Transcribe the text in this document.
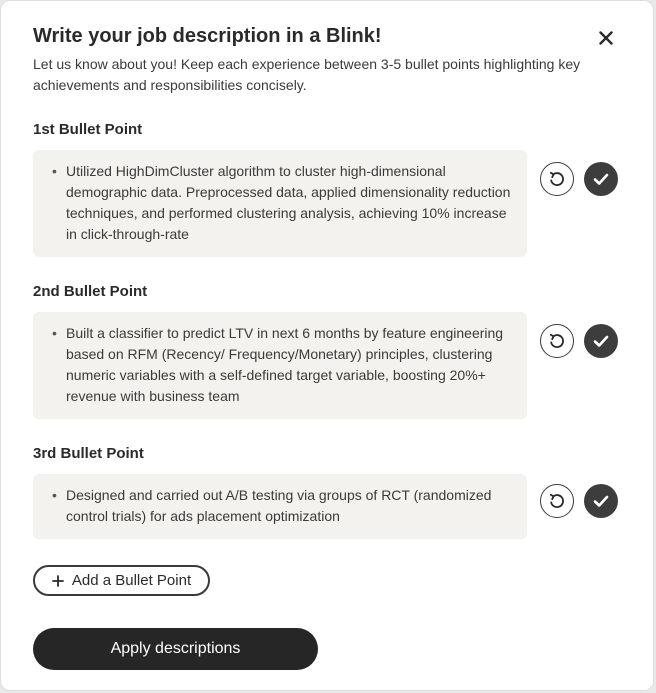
Write your job description in a Blink!

Let us know about you! Keep each experience between 3-5 bullet points highlighting key achievements and responsibilities concisely.

1st Bullet Point
• Utilized HighDimCluster algorithm to cluster high-dimensional demographic data. Preprocessed data, applied dimensionality reduction techniques, and performed clustering analysis, achieving 10% increase in click-through-rate
2nd Bullet Point
• Built a classifier to predict LTV in next 6 months by feature engineering based on RFM (Recency/ Frequency/Monetary) principles, clustering numeric variables with a self-defined target variable, boosting 20%+ revenue with business team
3rd Bullet Point
• Designed and carried out A/B testing via groups of RCT (randomized control trials) for ads placement optimization
Add a Bullet Point
Apply descriptions
